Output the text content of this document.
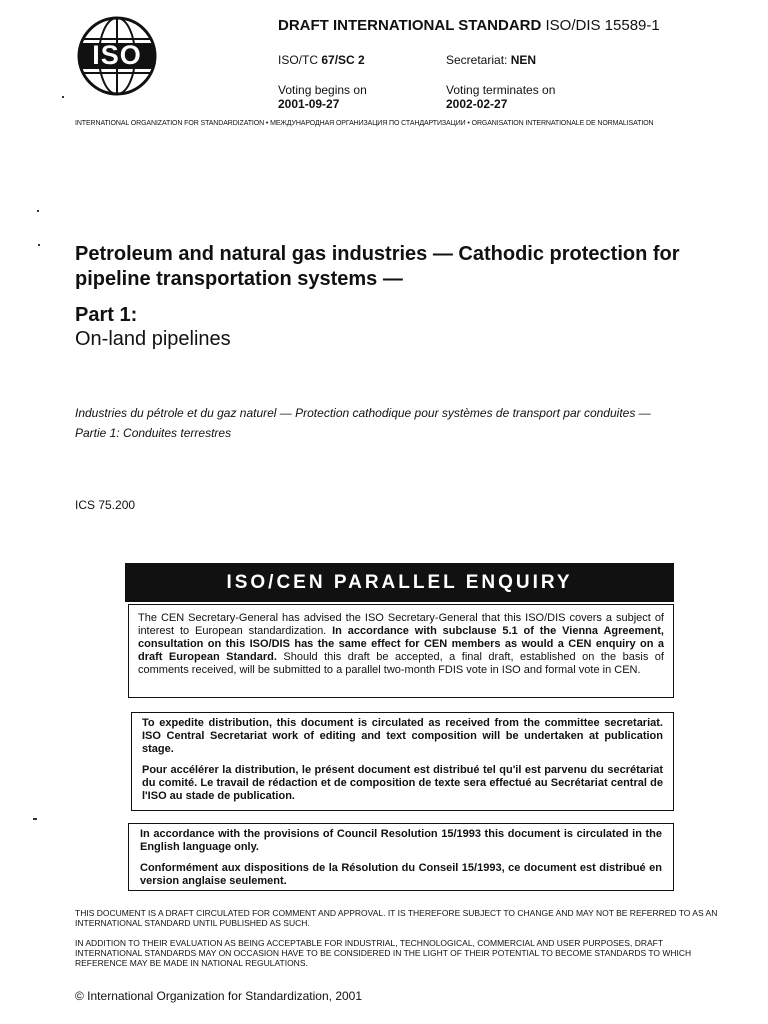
ISO
DRAFT INTERNATIONAL STANDARD ISO/DIS 15589-1
ISO/TC 67/SC 2	Secretariat: NEN
Voting begins on
2001-09-27
Voting terminates on
2002-02-27
INTERNATIONAL ORGANIZATION FOR STANDARDIZATION • МЕЖДУНАРОДНАЯ ОРГАНИЗАЦИЯ ПО СТАНДАРТИЗАЦИИ • ORGANISATION INTERNATIONALE DE NORMALISATION
Petroleum and natural gas industries — Cathodic protection for pipeline transportation systems —
Part 1:
On-land pipelines
Industries du pétrole et du gaz naturel — Protection cathodique pour systèmes de transport par conduites —
Partie 1: Conduites terrestres
ICS 75.200
ISO/CEN PARALLEL ENQUIRY

The CEN Secretary-General has advised the ISO Secretary-General that this ISO/DIS covers a subject of interest to European standardization. In accordance with subclause 5.1 of the Vienna Agreement, consultation on this ISO/DIS has the same effect for CEN members as would a CEN enquiry on a draft European Standard. Should this draft be accepted, a final draft, established on the basis of comments received, will be submitted to a parallel two-month FDIS vote in ISO and formal vote in CEN.

To expedite distribution, this document is circulated as received from the committee secretariat. ISO Central Secretariat work of editing and text composition will be undertaken at publication stage.

Pour accélérer la distribution, le présent document est distribué tel qu'il est parvenu du secrétariat du comité. Le travail de rédaction et de composition de texte sera effectué au Secrétariat central de l'ISO au stade de publication.

In accordance with the provisions of Council Resolution 15/1993 this document is circulated in the English language only.

Conformément aux dispositions de la Résolution du Conseil 15/1993, ce document est distribué en version anglaise seulement.

THIS DOCUMENT IS A DRAFT CIRCULATED FOR COMMENT AND APPROVAL. IT IS THEREFORE SUBJECT TO CHANGE AND MAY NOT BE REFERRED TO AS AN INTERNATIONAL STANDARD UNTIL PUBLISHED AS SUCH.
IN ADDITION TO THEIR EVALUATION AS BEING ACCEPTABLE FOR INDUSTRIAL, TECHNOLOGICAL, COMMERCIAL AND USER PURPOSES, DRAFT INTERNATIONAL STANDARDS MAY ON OCCASION HAVE TO BE CONSIDERED IN THE LIGHT OF THEIR POTENTIAL TO BECOME STANDARDS TO WHICH REFERENCE MAY BE MADE IN NATIONAL REGULATIONS.
© International Organization for Standardization, 2001
